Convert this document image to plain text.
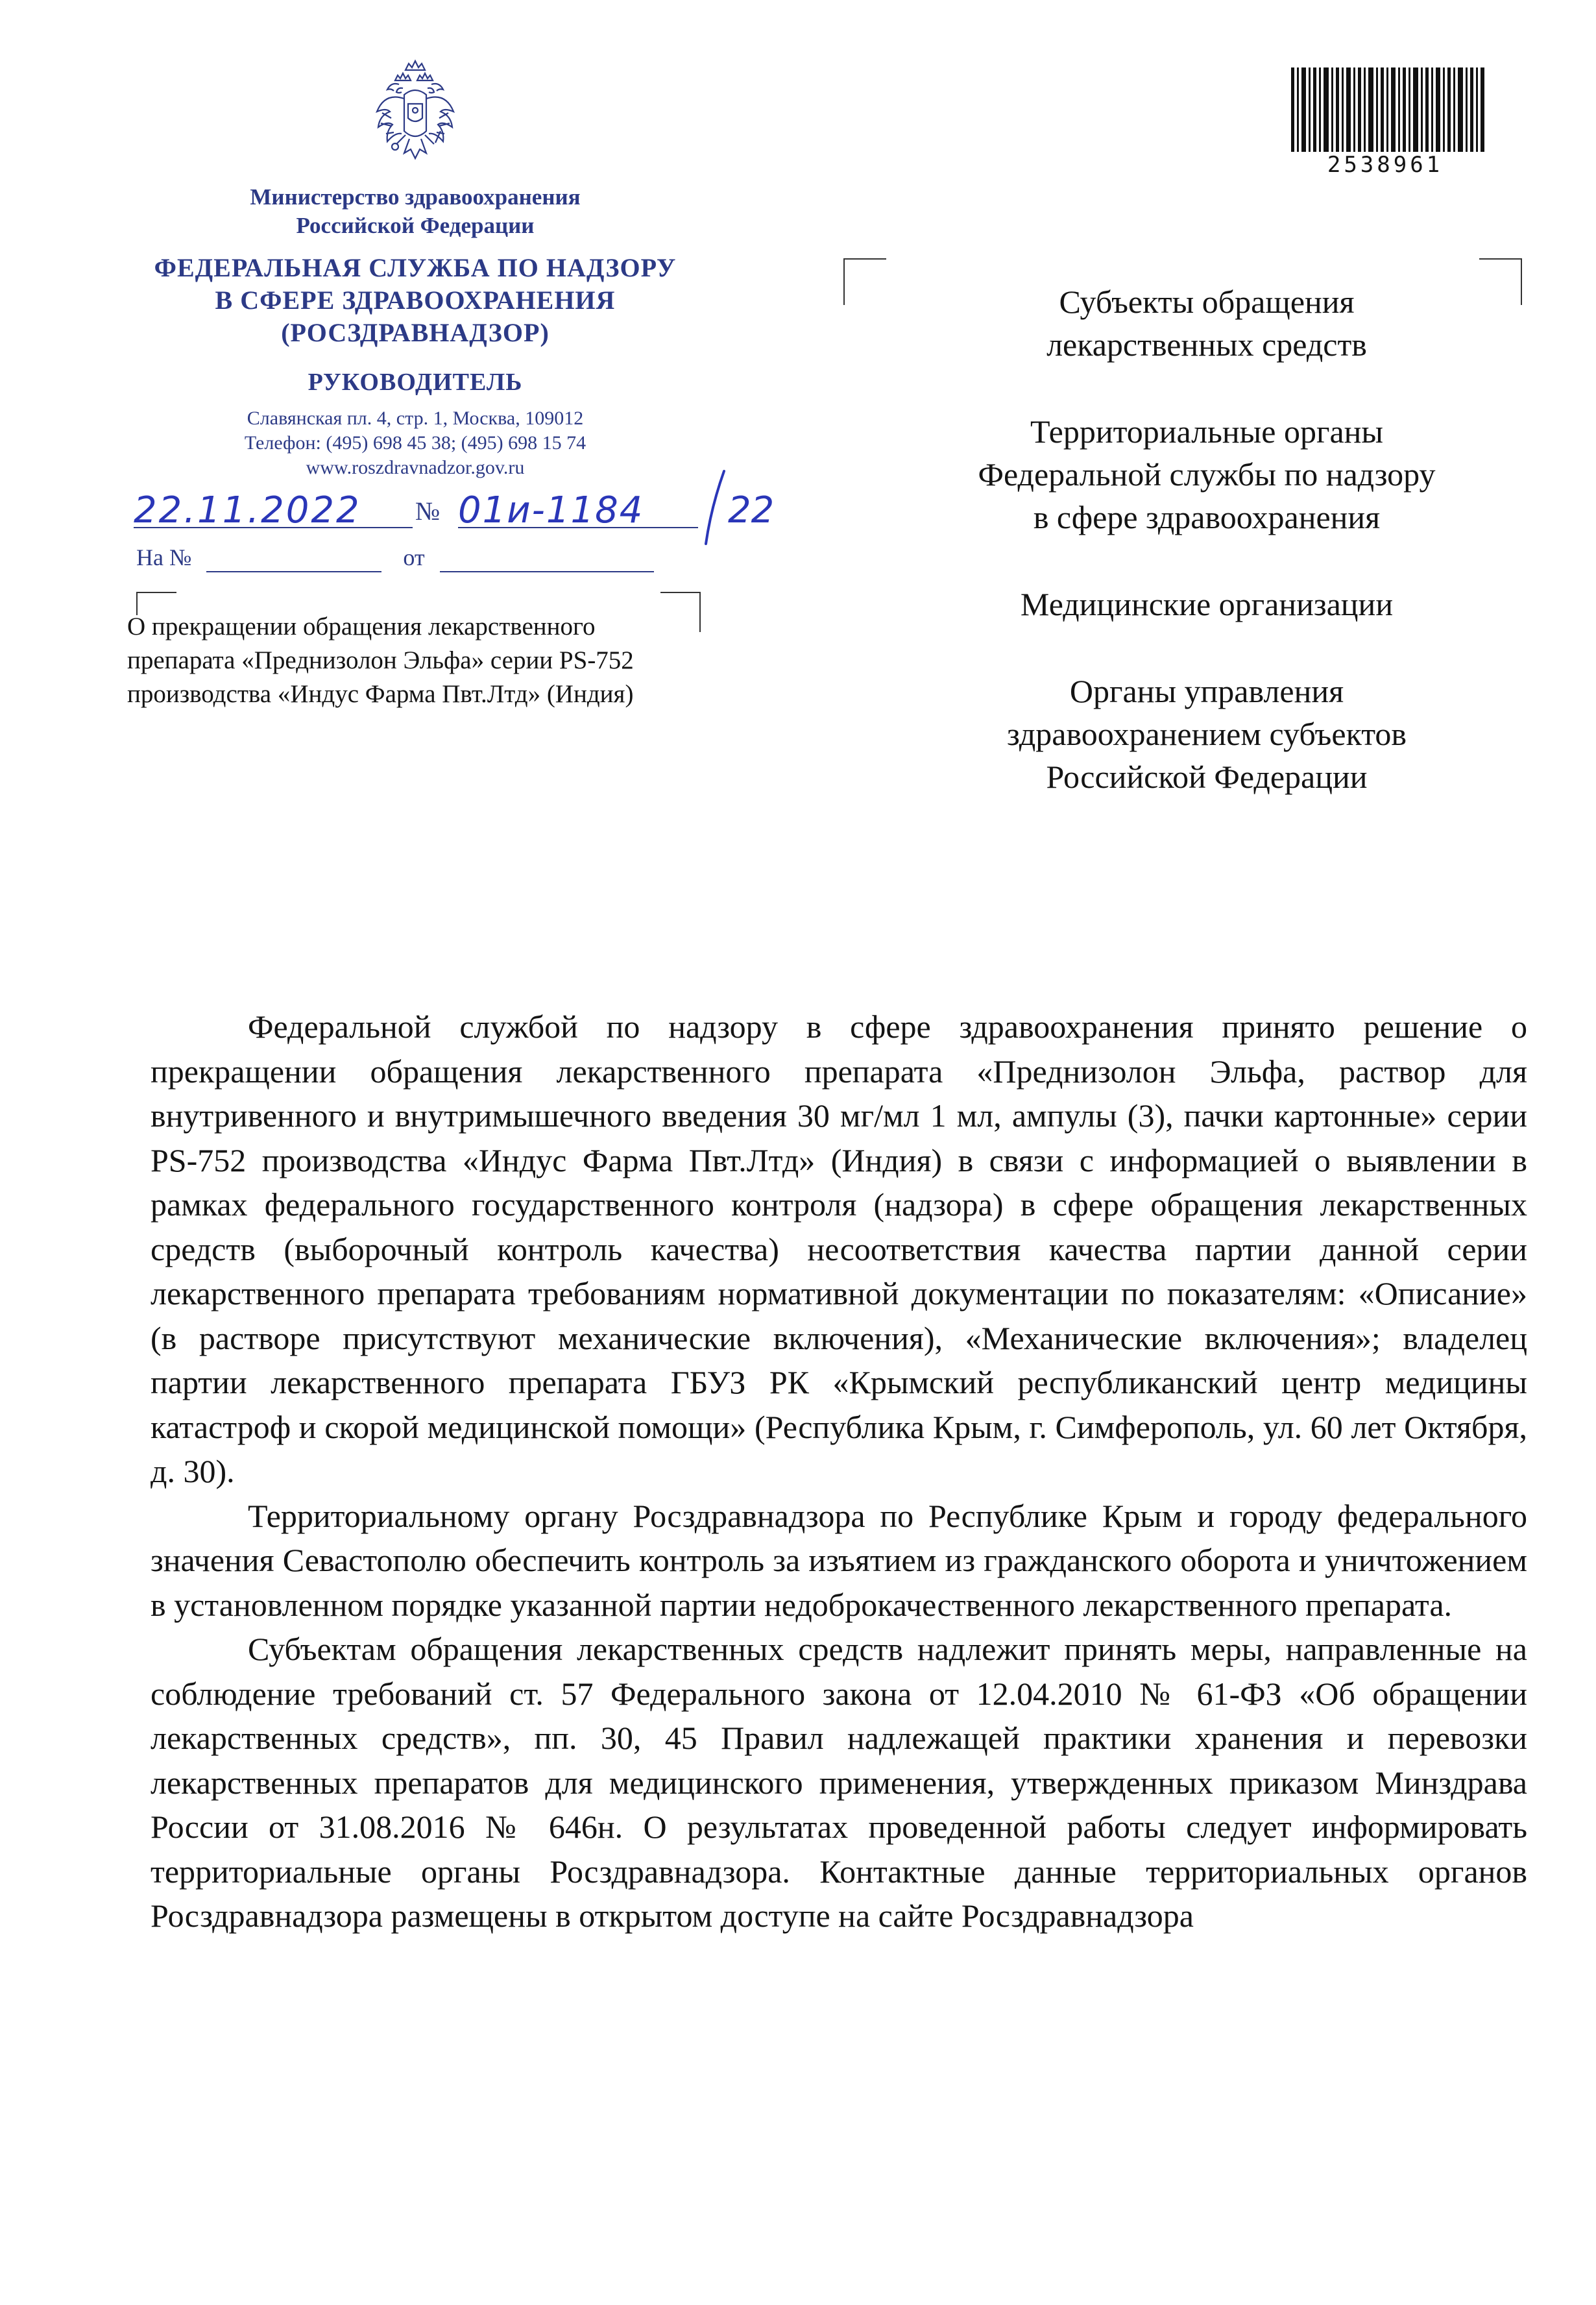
Министерство здравоохранения
Российской Федерации
ФЕДЕРАЛЬНАЯ СЛУЖБА ПО НАДЗОРУ
В СФЕРЕ ЗДРАВООХРАНЕНИЯ
(РОСЗДРАВНАДЗОР)
РУКОВОДИТЕЛЬ
Славянская пл. 4, стр. 1, Москва, 109012
Телефон: (495) 698 45 38; (495) 698 15 74
www.roszdravnadzor.gov.ru
22.11.2022 № 01и-1184 22
На №	от
О прекращении обращения лекарственного
препарата «Преднизолон Эльфа» серии PS-752
производства «Индус Фарма Пвт.Лтд» (Индия)
2538961
Субъекты обращения
лекарственных средств
Территориальные органы
Федеральной службы по надзору
в сфере здравоохранения
Медицинские организации
Органы управления
здравоохранением субъектов
Российской Федерации

Федеральной службой по надзору в сфере здравоохранения принято решение о прекращении обращения лекарственного препарата «Преднизолон Эльфа, раствор для внутривенного и внутримышечного введения 30 мг/мл 1 мл, ампулы (3), пачки картонные» серии PS-752 производства «Индус Фарма Пвт.Лтд» (Индия) в связи с информацией о выявлении в рамках федерального государственного контроля (надзора) в сфере обращения лекарственных средств (выборочный контроль качества) несоответствия качества партии данной серии лекарственного препарата требованиям нормативной документации по показателям: «Описание» (в растворе присутствуют механические включения), «Механические включения»; владелец партии лекарственного препарата ГБУЗ РК «Крымский республиканский центр медицины катастроф и скорой медицинской помощи» (Республика Крым, г. Симферополь, ул. 60 лет Октября, д. 30).

Территориальному органу Росздравнадзора по Республике Крым и городу федерального значения Севастополю обеспечить контроль за изъятием из гражданского оборота и уничтожением в установленном порядке указанной партии недоброкачественного лекарственного препарата.

Субъектам обращения лекарственных средств надлежит принять меры, направленные на соблюдение требований ст. 57 Федерального закона от 12.04.2010 № 61-ФЗ «Об обращении лекарственных средств», пп. 30, 45 Правил надлежащей практики хранения и перевозки лекарственных препаратов для медицинского применения, утвержденных приказом Минздрава России от 31.08.2016 № 646н. О результатах проведенной работы следует информировать территориальные органы Росздравнадзора. Контактные данные территориальных органов Росздравнадзора размещены в открытом доступе на сайте Росздравнадзора
